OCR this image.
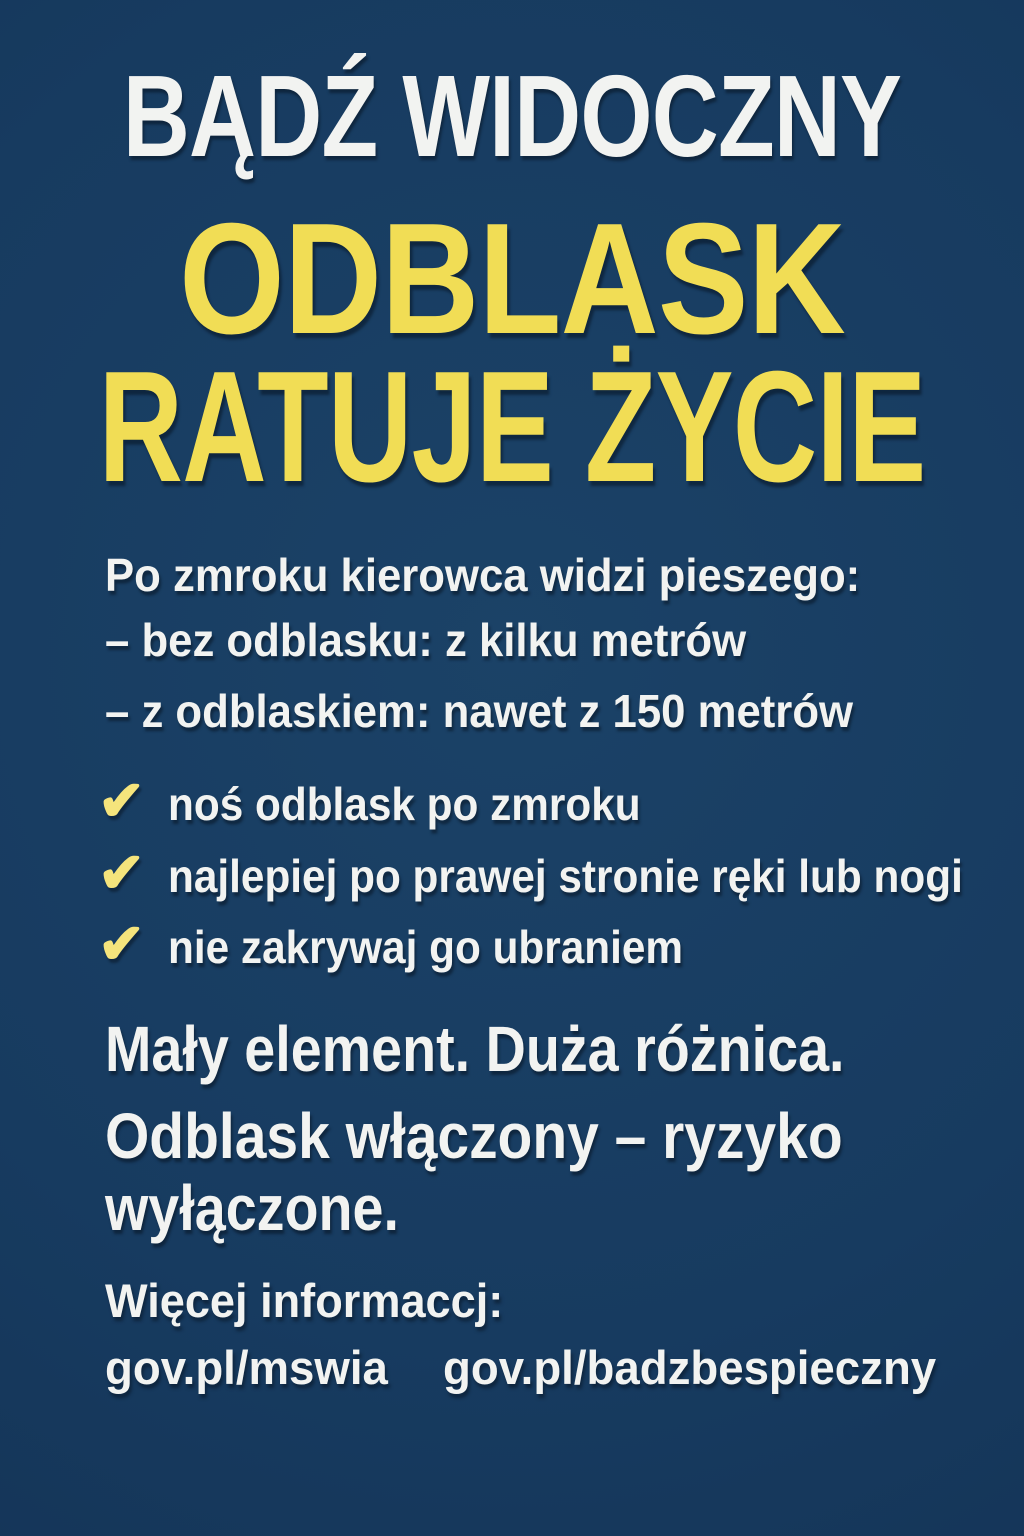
BĄDŹ WIDOCZNY
ODBLASK
RATUJE ŻYCIE
Po zmroku kierowca widzi pieszego:
– bez odblasku: z kilku metrów
– z odblaskiem: nawet z 150 metrów
✔ noś odblask po zmroku
✔ najlepiej po prawej stronie ręki lub nogi
✔ nie zakrywaj go ubraniem
Mały element. Duża różnica.
Odblask włączony – ryzyko
wyłączone.
Więcej informaccj:
gov.pl/mswia gov.pl/badzbespieczny
